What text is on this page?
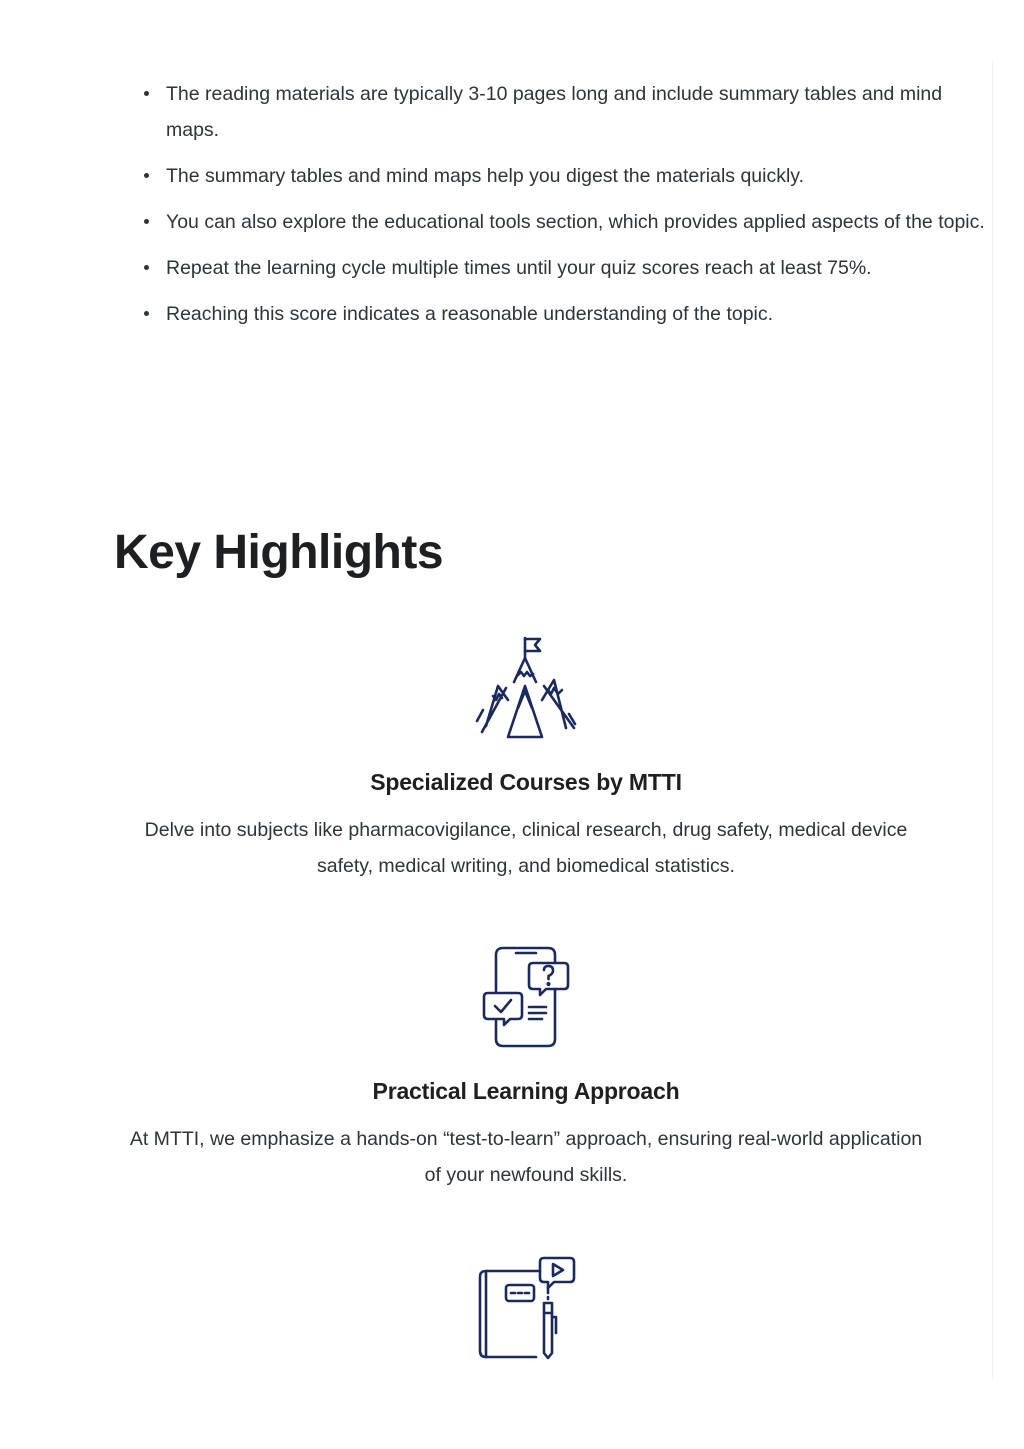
The reading materials are typically 3-10 pages long and include summary tables and mind maps.
The summary tables and mind maps help you digest the materials quickly.
You can also explore the educational tools section, which provides applied aspects of the topic.
Repeat the learning cycle multiple times until your quiz scores reach at least 75%.
Reaching this score indicates a reasonable understanding of the topic.
Key Highlights
Specialized Courses by MTTI

Delve into subjects like pharmacovigilance, clinical research, drug safety, medical device safety, medical writing, and biomedical statistics.

Practical Learning Approach

At MTTI, we emphasize a hands-on “test-to-learn” approach, ensuring real-world application of your newfound skills.
